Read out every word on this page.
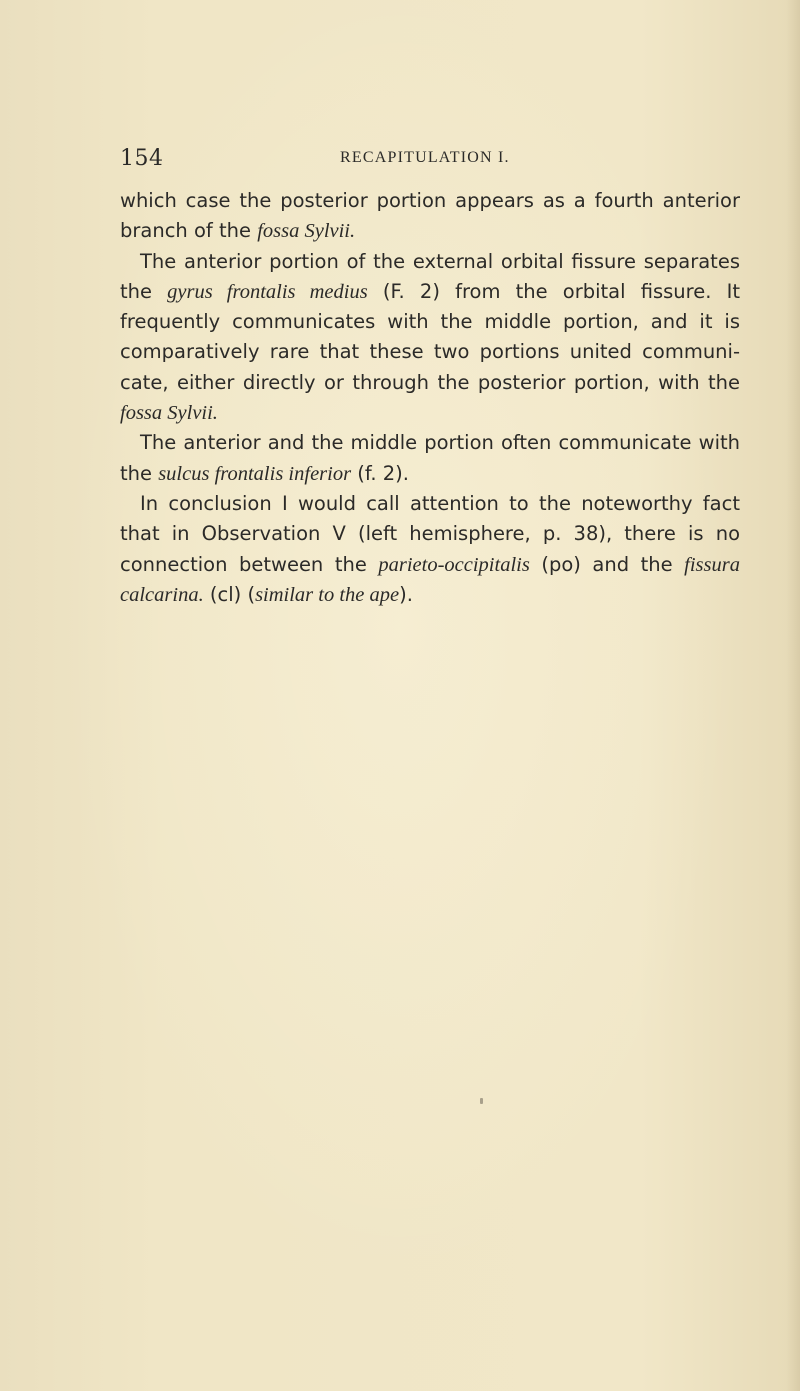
154	RECAPITULATION I.
which case the posterior portion appears as a fourth anterior
branch of the fossa Sylvii.
The anterior portion of the external orbital fissure separates
the gyrus frontalis medius (F. 2) from the orbital fissure. It
frequently communicates with the middle portion, and it is
comparatively rare that these two portions united communi-
cate, either directly or through the posterior portion, with the
fossa Sylvii.
The anterior and the middle portion often communicate with
the sulcus frontalis inferior (f. 2).
In conclusion I would call attention to the noteworthy fact
that in Observation V (left hemisphere, p. 38), there is no
connection between the parieto-occipitalis (po) and the fissura
calcarina. (cl) (similar to the ape).
